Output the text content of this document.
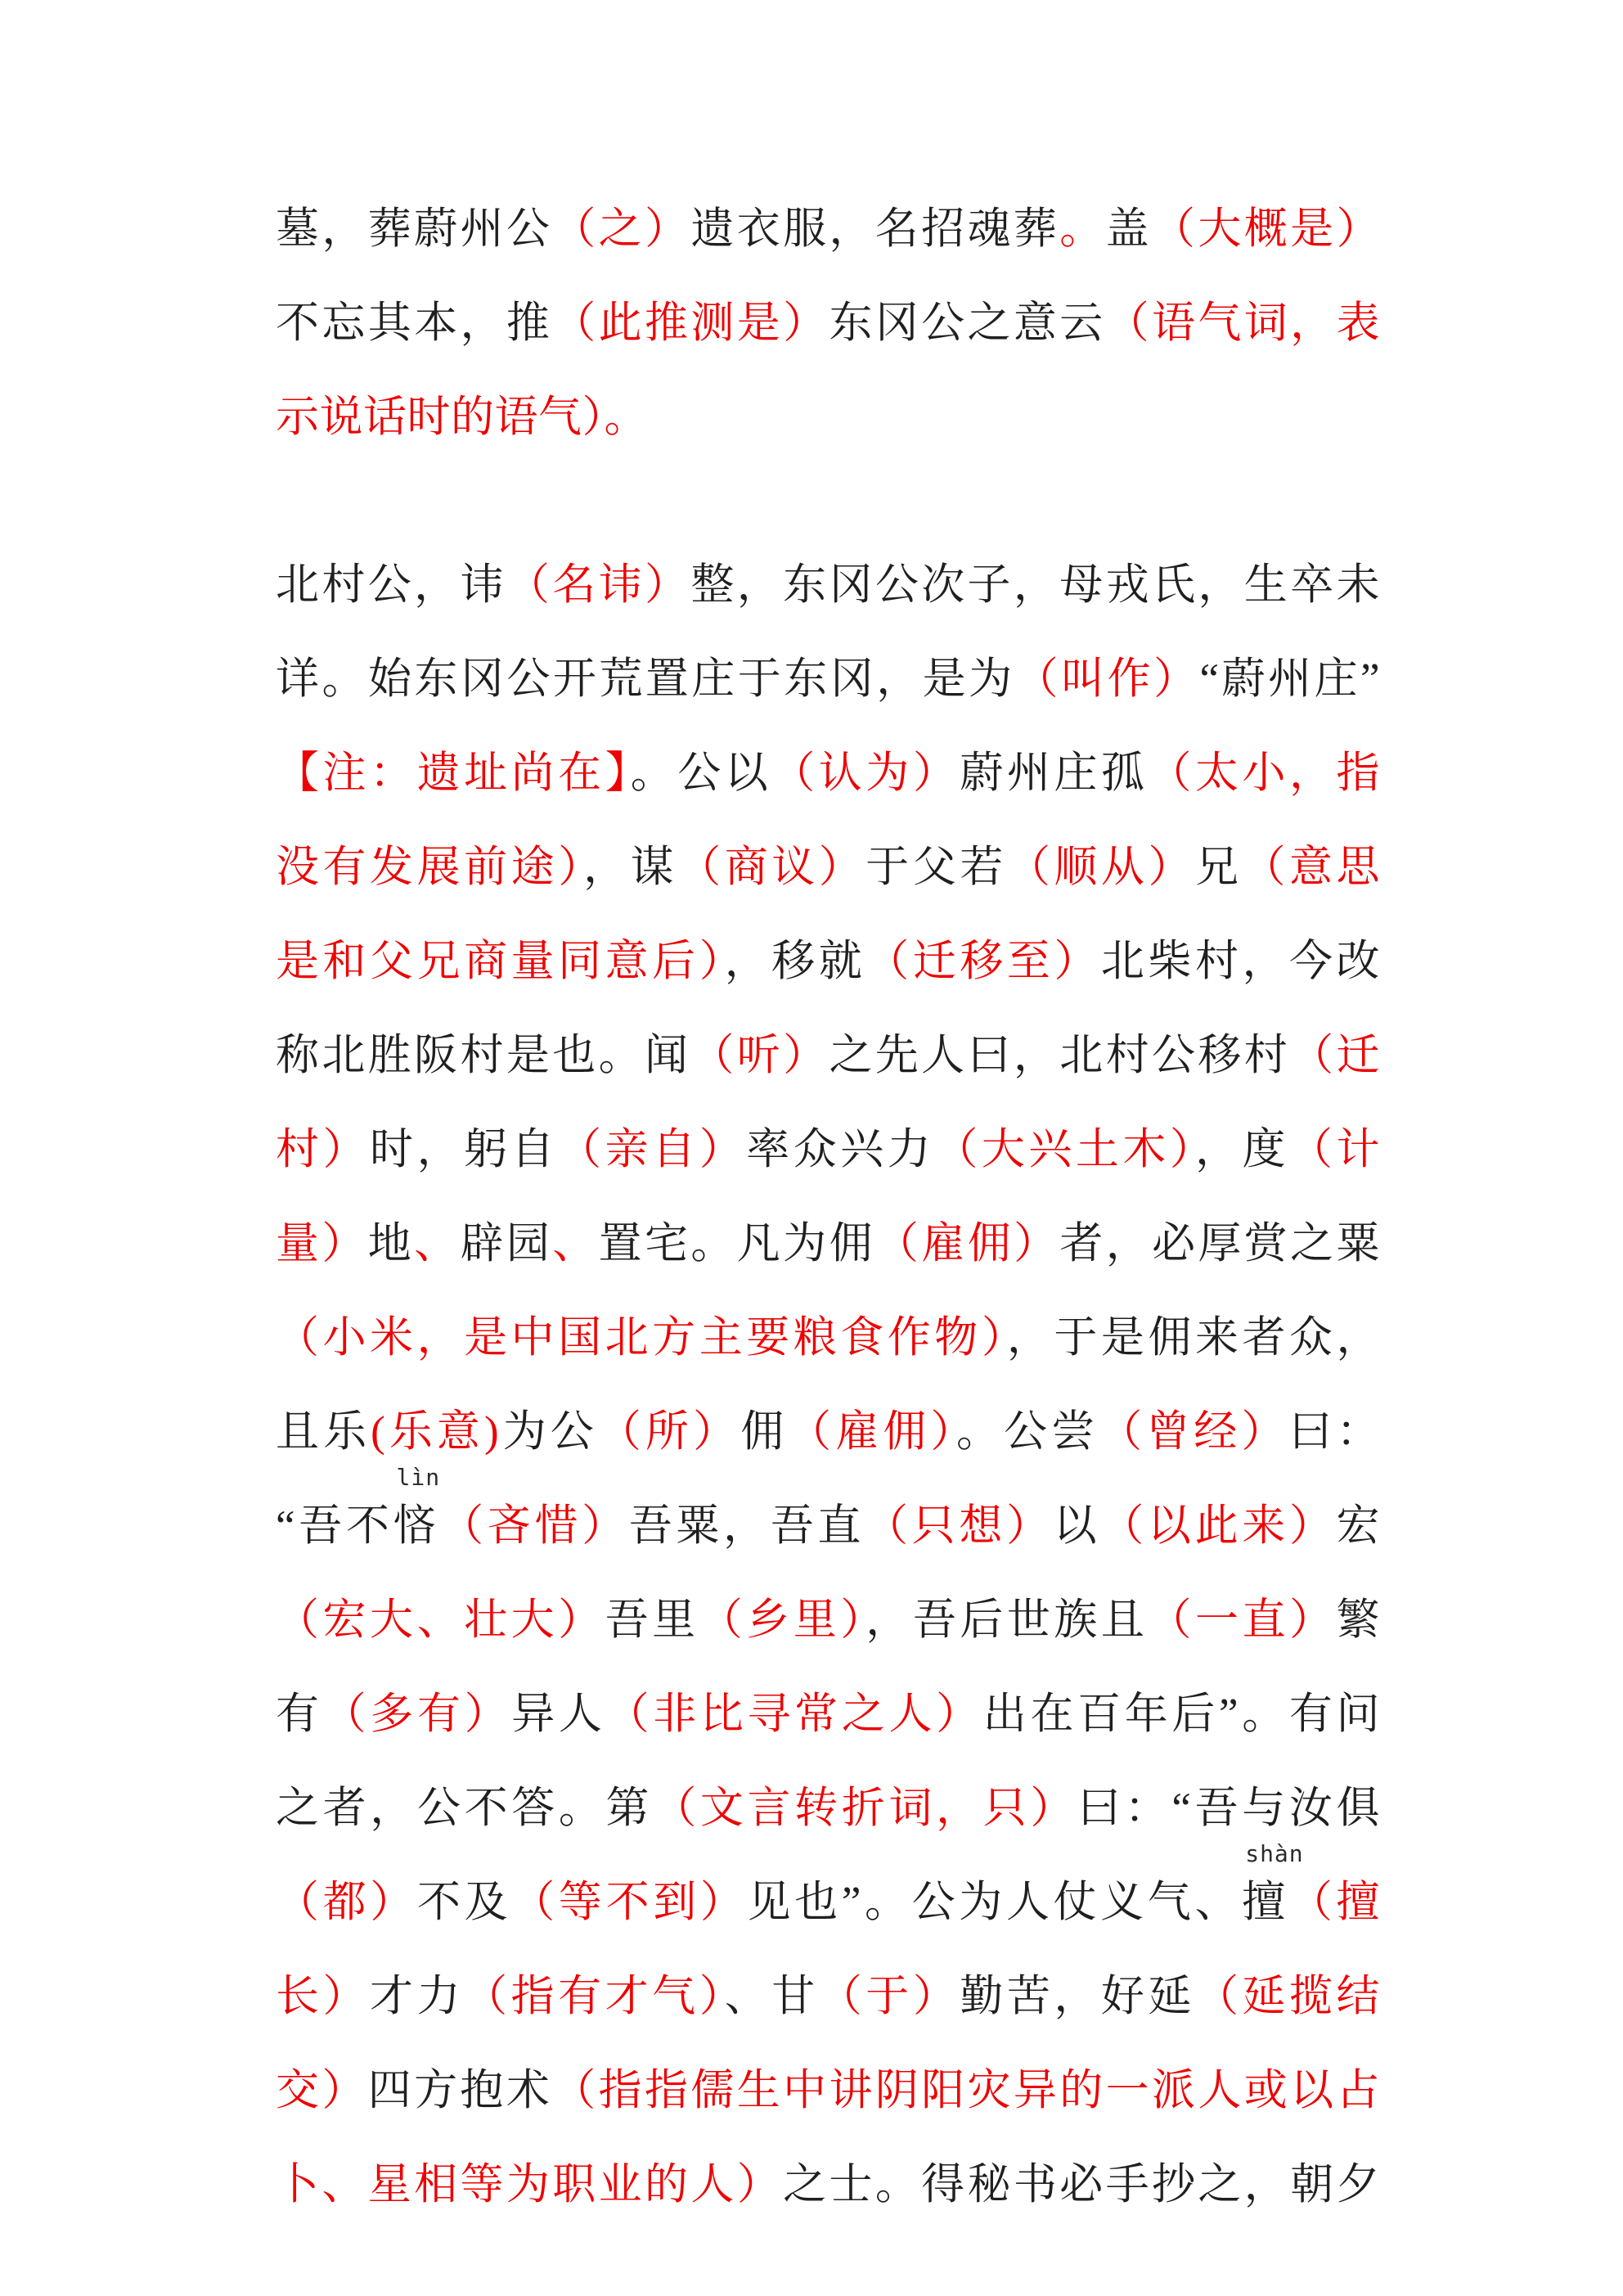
墓，葬蔚州公（之）遗衣服，名招魂葬。盖（大概是）
不忘其本，推（此推测是）东冈公之意云（语气词，表
示说话时的语气）。
北村公，讳（名讳）整，东冈公次子，母戎氏，生卒未
详。始东冈公开荒置庄于东冈，是为（叫作）“蔚州庄”
【注：遗址尚在】。公以（认为）蔚州庄孤（太小，指
没有发展前途），谋（商议）于父若（顺从）兄（意思
是和父兄商量同意后），移就（迁移至）北柴村，今改
称北胜阪村是也。闻（听）之先人曰，北村公移村（迁
村）时，躬自（亲自）率众兴力（大兴土木），度（计
量）地、辟园、置宅。凡为佣（雇佣）者，必厚赏之粟
（小米，是中国北方主要粮食作物），于是佣来者众，
且乐(乐意)为公（所）佣（雇佣）。公尝（曾经）曰：
“吾不悋
lìn
（吝惜）吾粟，吾直（只想）以（以此来）宏
（宏大、壮大）吾里（乡里），吾后世族且（一直）繁
有（多有）异人（非比寻常之人）出在百年后”。有问
之者，公不答。第（文言转折词，只）曰：“吾与汝俱
（都）不及（等不到）见也”。公为人仗义气、擅
shàn
（擅
长）才力（指有才气）、甘（于）勤苦，好延（延揽结
交）四方抱术（指指儒生中讲阴阳灾异的一派人或以占
卜、星相等为职业的人）之士。得秘书必手抄之，朝夕
